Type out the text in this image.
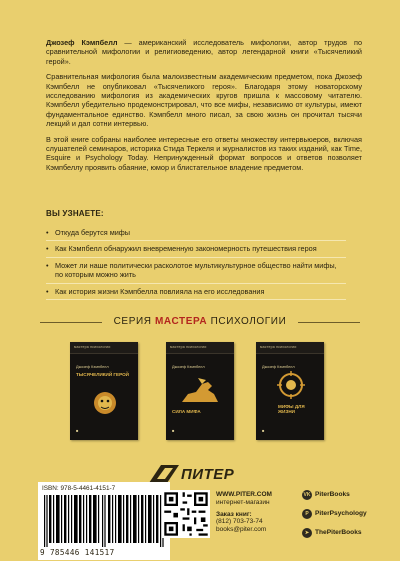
Джозеф Кэмпбелл — американский исследователь мифологии, автор трудов по сравнительной мифологии и религиоведению, автор легендарной книги «Тысячеликий герой».

Сравнительная мифология была малоизвестным академическим предметом, пока Джозеф Кэмпбелл не опубликовал «Тысячеликого героя». Благодаря этому новаторскому исследованию мифология из академических кругов пришла к массовому читателю. Кэмпбелл убедительно продемонстрировал, что все мифы, независимо от культуры, имеют фундаментальное единство. Кэмпбелл много писал, за свою жизнь он прочитал тысячи лекций и дал сотни интервью.

В этой книге собраны наиболее интересные его ответы множеству интервьюеров, включая слушателей семинаров, историка Стида Теркеля и журналистов из таких изданий, как Time, Esquire и Psychology Today. Непринужденный формат вопросов и ответов позволяет Кэмпбеллу проявить обаяние, юмор и блистательное владение предметом.

ВЫ УЗНАЕТЕ:
• Откуда берутся мифы
• Как Кэмпбелл обнаружил вневременную закономерность путешествия героя
• Может ли наше политически расколотое мультикультурное общество найти мифы, по которым можно жить
• Как история жизни Кэмпбелла повлияла на его исследования
СЕРИЯ МАСТЕРА ПСИХОЛОГИИ
мастера психологии
Джозеф Кэмпбелл
ТЫСЯЧЕЛИКИЙ ГЕРОЙ
■
мастера психологии
Джозеф Кэмпбелл
СИЛА МИФА
■
мастера психологии
Джозеф Кэмпбелл
МИФЫ ДЛЯ ЖИЗНИ
■
ПИТЕР
ISBN: 978-5-4461-4151-7
9 785446 141517
WWW.PITER.COM
интернет-магазин
Заказ книг:
(812) 703-73-74
books@piter.com
VK PiterBooks
P PiterPsychology
➤ ThePiterBooks
